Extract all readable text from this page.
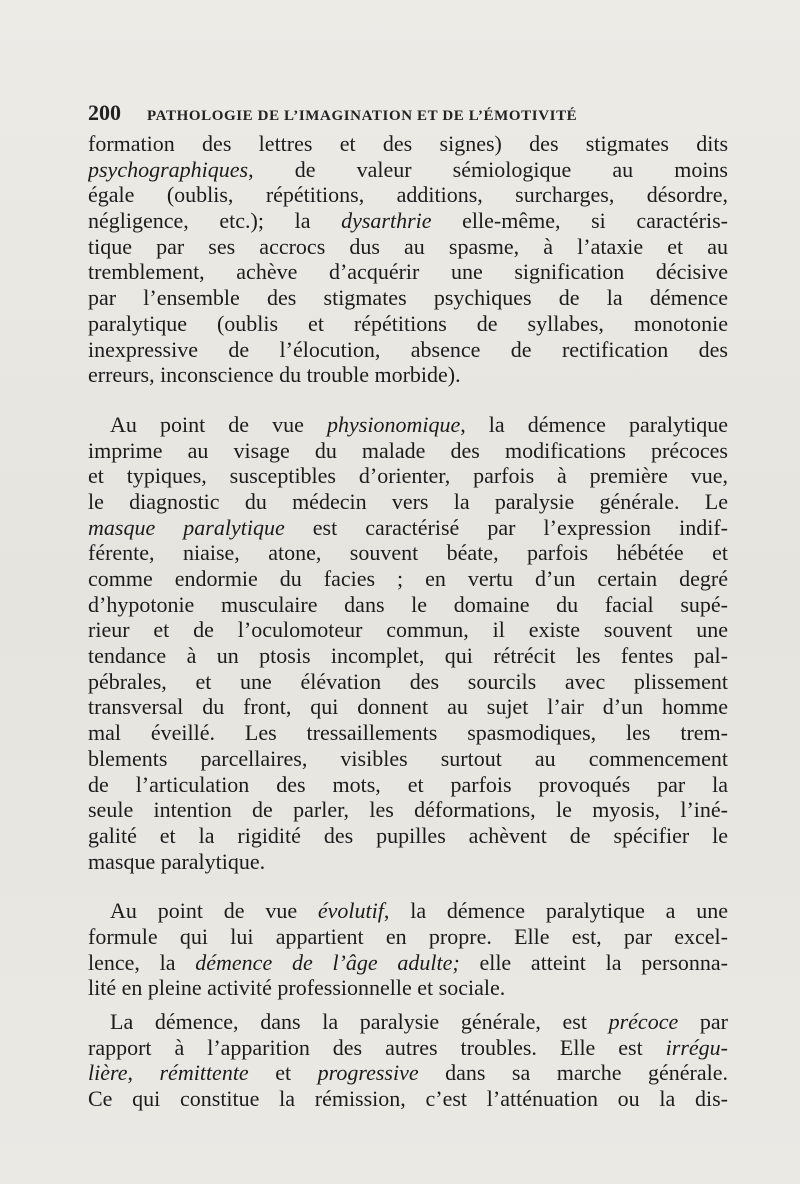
200 PATHOLOGIE DE L’IMAGINATION ET DE L’ÉMOTIVITÉ
formation des lettres et des signes) des stigmates dits
psychographiques, de valeur sémiologique au moins
égale (oublis, répétitions, additions, surcharges, désordre,
négligence, etc.); la dysarthrie elle-même, si caractéris-
tique par ses accrocs dus au spasme, à l’ataxie et au
tremblement, achève d’acquérir une signification décisive
par l’ensemble des stigmates psychiques de la démence
paralytique (oublis et répétitions de syllabes, monotonie
inexpressive de l’élocution, absence de rectification des
erreurs, inconscience du trouble morbide).
Au point de vue physionomique, la démence paralytique
imprime au visage du malade des modifications précoces
et typiques, susceptibles d’orienter, parfois à première vue,
le diagnostic du médecin vers la paralysie générale. Le
masque paralytique est caractérisé par l’expression indif-
férente, niaise, atone, souvent béate, parfois hébétée et
comme endormie du facies ; en vertu d’un certain degré
d’hypotonie musculaire dans le domaine du facial supé-
rieur et de l’oculomoteur commun, il existe souvent une
tendance à un ptosis incomplet, qui rétrécit les fentes pal-
pébrales, et une élévation des sourcils avec plissement
transversal du front, qui donnent au sujet l’air d’un homme
mal éveillé. Les tressaillements spasmodiques, les trem-
blements parcellaires, visibles surtout au commencement
de l’articulation des mots, et parfois provoqués par la
seule intention de parler, les déformations, le myosis, l’iné-
galité et la rigidité des pupilles achèvent de spécifier le
masque paralytique.
Au point de vue évolutif, la démence paralytique a une
formule qui lui appartient en propre. Elle est, par excel-
lence, la démence de l’âge adulte; elle atteint la personna-
lité en pleine activité professionnelle et sociale.
La démence, dans la paralysie générale, est précoce par
rapport à l’apparition des autres troubles. Elle est irrégu-
lière, rémittente et progressive dans sa marche générale.
Ce qui constitue la rémission, c’est l’atténuation ou la dis-
